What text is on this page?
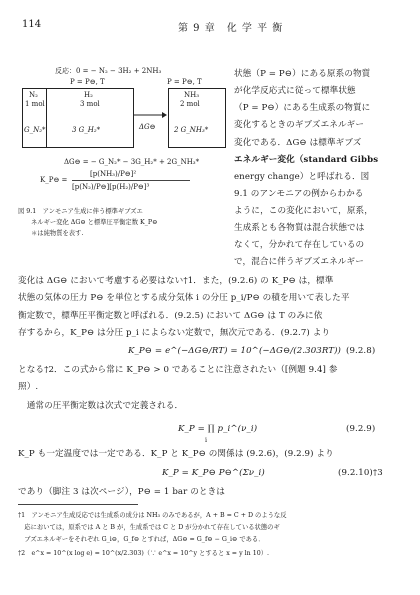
114	第 9 章　化 学 平 衡
反応：0 = − N₂ − 3H₂ + 2NH₃
P = P⊖, T	P = P⊖, T
N₂
1 mol
G_N₂*
H₂
3 mol
3 G_H₂*	ΔG⊖
NH₃
2 mol
2 G_NH₃*
ΔG⊖ = − G_N₂* − 3G_H₂* + 2G_NH₃*
K_P⊖ =
[p(NH₃)/P⊖]²
[p(N₂)/P⊖][p(H₂)/P⊖]³
図 9.1　アンモニア生成に伴う標準ギブズエ
ネルギー変化 ΔG⊖ と標準圧平衡定数 K_P⊖
＊は純物質を表す.
状態（P = P⊖）にある原系の物質
が化学反応式に従って標準状態
（P = P⊖）にある生成系の物質に
変化するときのギブズエネルギー
変化である．ΔG⊖ は標準ギブズ
エネルギー変化（standard Gibbs
energy change）と呼ばれる．図
9.1 のアンモニアの例からわかる
ように，この変化において，原系，
生成系とも各物質は混合状態では
なくて，分かれて存在しているの
で，混合に伴うギブズエネルギー
変化は ΔG⊖ において考慮する必要はない†1．また，(9.2.6) の K_P⊖ は，標準
状態の気体の圧力 P⊖ を単位とする成分気体 i の分圧 p_i/P⊖ の積を用いて表した平
衡定数で，標準圧平衡定数と呼ばれる．(9.2.5) において ΔG⊖ は T のみに依
存するから，K_P⊖ は分圧 p_i によらない定数で，無次元である．(9.2.7) より
K_P⊖ = e^(−ΔG⊖/RT) = 10^(−ΔG⊖/(2.303RT)) (9.2.8)
となる†2．この式から常に K_P⊖ > 0 であることに注意されたい（[例題 9.4] 参
照）.
　通常の圧平衡定数は次式で定義される．
K_P = ∏ p_i^(ν_i)
i
(9.2.9)
K_P も一定温度では一定である．K_P と K_P⊖ の関係は (9.2.6)，(9.2.9) より
K_P = K_P⊖ P⊖^(Σν_i)	(9.2.10)†3
であり（脚注 3 は次ページ），P⊖ = 1 bar のときは
†1　アンモニア生成反応では生成系の成分は NH₃ のみであるが，A + B = C + D のような反
　応においては，原系では A と B が，生成系では C と D が分かれて存在している状態のギ
　ブズエネルギーをそれぞれ G_i⊖，G_f⊖ とすれば，ΔG⊖ = G_f⊖ − G_i⊖ である．
†2　e^x = 10^(x log e) = 10^(x/2.303)（∵ e^x = 10^y とすると x = y ln 10）.
